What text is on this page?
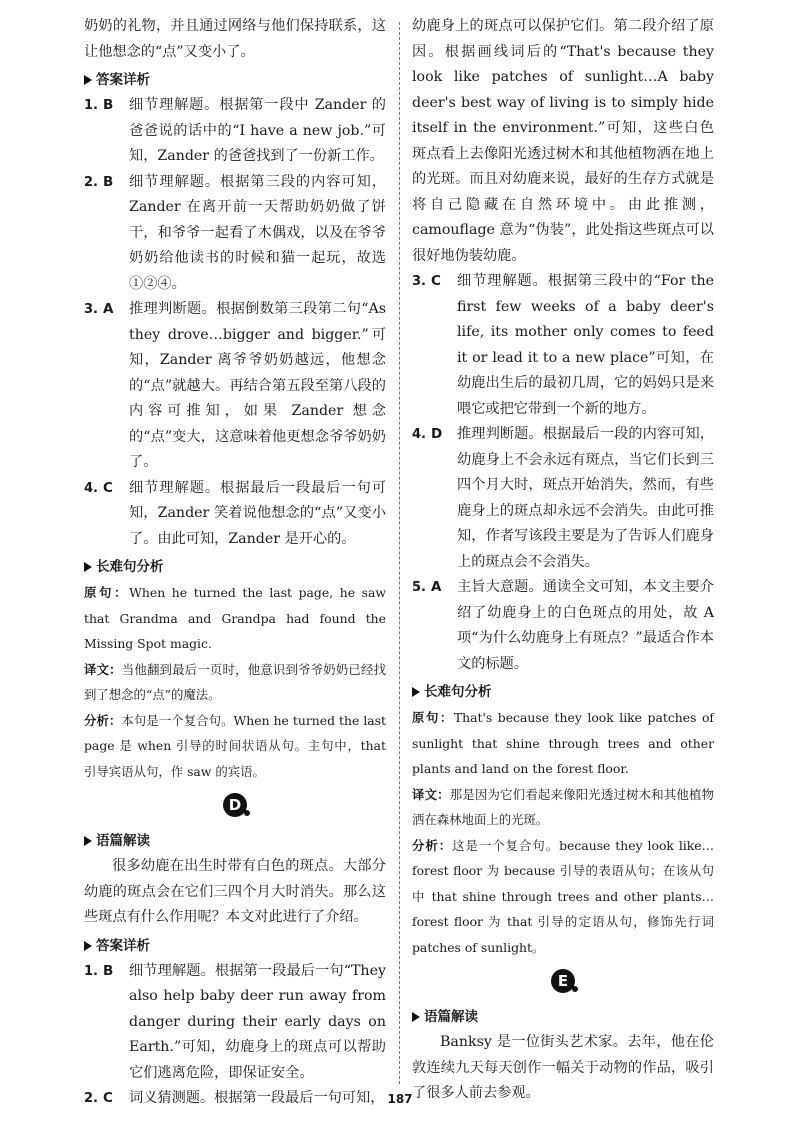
奶奶的礼物，并且通过网络与他们保持联系，这让他想念的“点”又变小了。

答案详析
1. B	细节理解题。根据第一段中 Zander 的爸爸说的话中的“I have a new job.”可知，Zander 的爸爸找到了一份新工作。
2. B	细节理解题。根据第三段的内容可知，Zander 在离开前一天帮助奶奶做了饼干，和爷爷一起看了木偶戏，以及在爷爷奶奶给他读书的时候和猫一起玩，故选①②④。
3. A	推理判断题。根据倒数第三段第二句“As they drove…bigger and bigger.”可知，Zander 离爷爷奶奶越远，他想念的“点”就越大。再结合第五段至第八段的内容可推知，如果 Zander 想念的“点”变大，这意味着他更想念爷爷奶奶了。
4. C	细节理解题。根据最后一段最后一句可知，Zander 笑着说他想念的“点”又变小了。由此可知，Zander 是开心的。
长难句分析

原句：When he turned the last page, he saw that Grandma and Grandpa had found the Missing Spot magic.

译文：当他翻到最后一页时，他意识到爷爷奶奶已经找到了想念的“点”的魔法。

分析：本句是一个复合句。When he turned the last page 是 when 引导的时间状语从句。主句中，that 引导宾语从句，作 saw 的宾语。

D
语篇解读

很多幼鹿在出生时带有白色的斑点。大部分幼鹿的斑点会在它们三四个月大时消失。那么这些斑点有什么作用呢？本文对此进行了介绍。

答案详析
1. B	细节理解题。根据第一段最后一句“They also help baby deer run away from danger during their early days on Earth.”可知，幼鹿身上的斑点可以帮助它们逃离危险，即保证安全。
2. C	词义猜测题。根据第一段最后一句可知，

幼鹿身上的斑点可以保护它们。第二段介绍了原因。根据画线词后的“That's because they look like patches of sunlight…A baby deer's best way of living is to simply hide itself in the environment.”可知，这些白色斑点看上去像阳光透过树木和其他植物洒在地上的光斑。而且对幼鹿来说，最好的生存方式就是将自己隐藏在自然环境中。由此推测，camouflage 意为“伪装”，此处指这些斑点可以很好地伪装幼鹿。

3. C	细节理解题。根据第三段中的“For the first few weeks of a baby deer's life, its mother only comes to feed it or lead it to a new place”可知，在幼鹿出生后的最初几周，它的妈妈只是来喂它或把它带到一个新的地方。
4. D	推理判断题。根据最后一段的内容可知，幼鹿身上不会永远有斑点，当它们长到三四个月大时，斑点开始消失，然而，有些鹿身上的斑点却永远不会消失。由此可推知，作者写该段主要是为了告诉人们鹿身上的斑点会不会消失。
5. A	主旨大意题。通读全文可知，本文主要介绍了幼鹿身上的白色斑点的用处，故 A 项“为什么幼鹿身上有斑点？”最适合作本文的标题。
长难句分析

原句：That's because they look like patches of sunlight that shine through trees and other plants and land on the forest floor.

译文：那是因为它们看起来像阳光透过树木和其他植物洒在森林地面上的光斑。

分析：这是一个复合句。because they look like…forest floor 为 because 引导的表语从句；在该从句中 that shine through trees and other plants…forest floor 为 that 引导的定语从句，修饰先行词 patches of sunlight。

E
语篇解读

Banksy 是一位街头艺术家。去年，他在伦敦连续九天每天创作一幅关于动物的作品，吸引了很多人前去参观。

187
